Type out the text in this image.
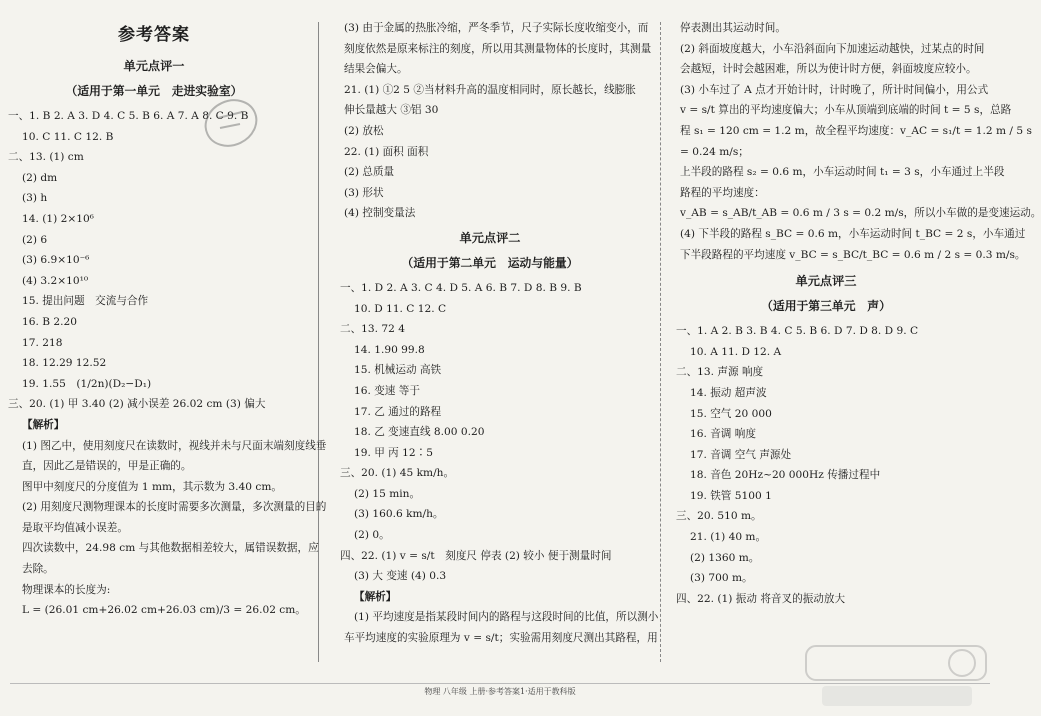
参考答案
单元点评一
（适用于第一单元　走进实验室）
一、1. B 2. A 3. D 4. C 5. B 6. A 7. A 8. C 9. B
10. C 11. C 12. B
二、13. (1) cm
(2) dm
(3) h
14. (1) 2×10⁶
(2) 6
(3) 6.9×10⁻⁶
(4) 3.2×10¹⁰
15. 提出问题　交流与合作
16. B 2.20
17. 218
18. 12.29 12.52
19. 1.55　(1/2n)(D₂−D₁)
三、20. (1) 甲 3.40 (2) 减小误差 26.02 cm (3) 偏大
【解析】
(1) 图乙中，使用刻度尺在读数时，视线并未与尺面末端刻度线垂
直，因此乙是错误的，甲是正确的。
图甲中刻度尺的分度值为 1 mm，其示数为 3.40 cm。
(2) 用刻度尺测物理课本的长度时需要多次测量，多次测量的目的
是取平均值减小误差。
四次读数中，24.98 cm 与其他数据相差较大，属错误数据，应
去除。
物理课本的长度为:
L = (26.01 cm+26.02 cm+26.03 cm)/3 = 26.02 cm。
(3) 由于金属的热胀冷缩，严冬季节，尺子实际长度收缩变小，而
刻度依然是原来标注的刻度，所以用其测量物体的长度时，其测量
结果会偏大。
21. (1) ①2 5 ②当材料升高的温度相同时，原长越长，线膨胀
伸长量越大 ③铝 30
(2) 放松
22. (1) 面积 面积
(2) 总质量
(3) 形状
(4) 控制变量法
单元点评二
（适用于第二单元　运动与能量）
一、1. D 2. A 3. C 4. D 5. A 6. B 7. D 8. B 9. B
10. D 11. C 12. C
二、13. 72 4
14. 1.90 99.8
15. 机械运动 高铁
16. 变速 等于
17. 乙 通过的路程
18. 乙 变速直线 8.00 0.20
19. 甲 丙 12∶5
三、20. (1) 45 km/h。
(2) 15 min。
(3) 160.6 km/h。
(2) 0。
四、22. (1) v = s/t　刻度尺 停表 (2) 较小 便于测量时间
(3) 大 变速 (4) 0.3
【解析】
(1) 平均速度是指某段时间内的路程与这段时间的比值，所以测小
车平均速度的实验原理为 v = s/t；实验需用刻度尺测出其路程，用
停表测出其运动时间。
(2) 斜面坡度越大，小车沿斜面向下加速运动越快，过某点的时间
会越短，计时会越困难，所以为使计时方便，斜面坡度应较小。
(3) 小车过了 A 点才开始计时，计时晚了，所计时间偏小，用公式
v = s/t 算出的平均速度偏大；小车从顶端到底端的时间 t = 5 s，总路
程 s₁ = 120 cm = 1.2 m，故全程平均速度：v_AC = s₁/t = 1.2 m / 5 s
= 0.24 m/s；
上半段的路程 s₂ = 0.6 m，小车运动时间 t₁ = 3 s，小车通过上半段
路程的平均速度：
v_AB = s_AB/t_AB = 0.6 m / 3 s = 0.2 m/s，所以小车做的是变速运动。
(4) 下半段的路程 s_BC = 0.6 m，小车运动时间 t_BC = 2 s，小车通过
下半段路程的平均速度 v_BC = s_BC/t_BC = 0.6 m / 2 s = 0.3 m/s。
单元点评三
（适用于第三单元　声）
一、1. A 2. B 3. B 4. C 5. B 6. D 7. D 8. D 9. C
10. A 11. D 12. A
二、13. 声源 响度
14. 振动 超声波
15. 空气 20 000
16. 音调 响度
17. 音调 空气 声源处
18. 音色 20Hz~20 000Hz 传播过程中
19. 铁管 5100 1
三、20. 510 m。
21. (1) 40 m。
(2) 1360 m。
(3) 700 m。
四、22. (1) 振动 将音叉的振动放大
物理 八年级 上册·参考答案1·适用于教科版
